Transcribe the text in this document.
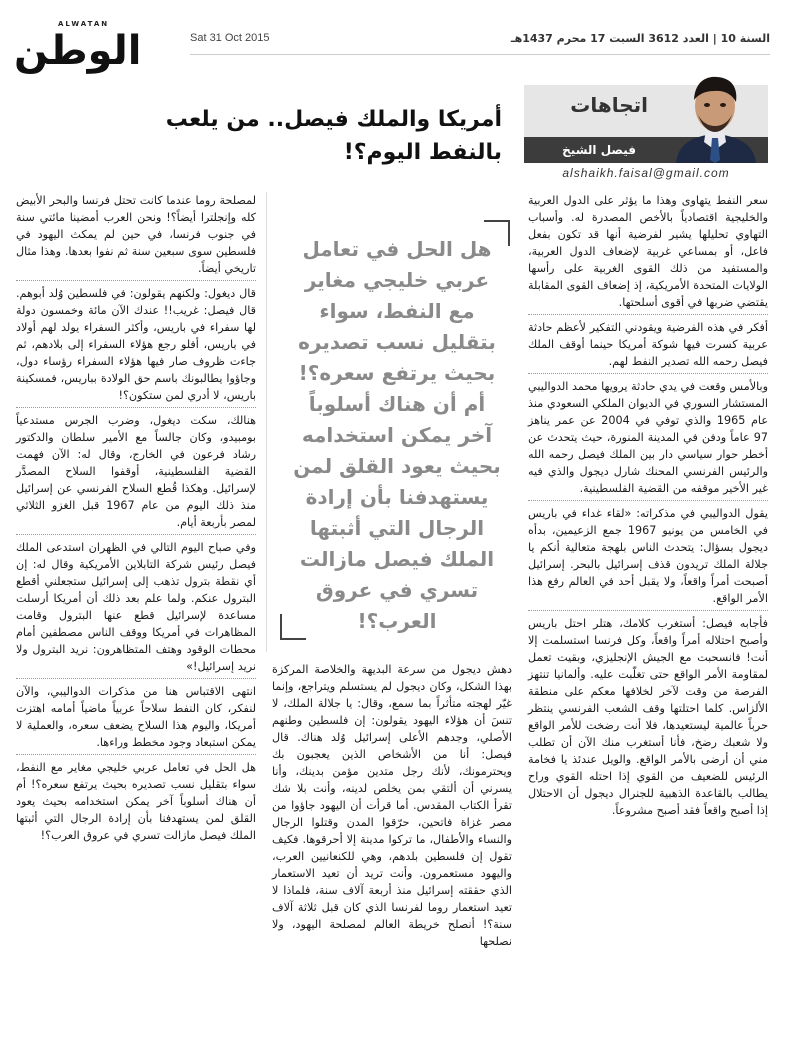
ALWATAN
الوطن	Sat 31 Oct 2015	السنة 10 | العدد 3612 السبت 17 محرم 1437هـ
اتجاهات
فيصل الشيخ
alshaikh.faisal@gmail.com
أمريكا والملك فيصل.. من يلعب بالنفط اليوم؟!

سعر النفط يتهاوى وهذا ما يؤثر على الدول العربية والخليجية اقتصادياً بالأخص المصدرة له. وأسباب التهاوي تحليلها يشير لفرضية أنها قد تكون بفعل فاعل، أو بمساعي غربية لإضعاف الدول العربية، والمستفيد من ذلك القوى الغربية على رأسها الولايات المتحدة الأمريكية، إذ إضعاف القوى المقابلة يقتضي ضربها في أقوى أسلحتها.

أفكر في هذه الفرضية ويقودني التفكير لأعظم حادثة عربية كسرت فيها شوكة أمريكا حينما أوقف الملك فيصل رحمه الله تصدير النفط لهم.

وبالأمس وقعت في يدي حادثة يرويها محمد الدواليبي المستشار السوري في الديوان الملكي السعودي منذ عام 1965 والذي توفي في 2004 عن عمر يناهز 97 عاماً ودفن في المدينة المنورة، حيث يتحدث عن أخطر حوار سياسي دار بين الملك فيصل رحمه الله والرئيس الفرنسي المحنك شارل ديجول والذي فيه غير الأخير موقفه من القضية الفلسطينية.

يقول الدواليبي في مذكراته: «لقاء غداء في باريس في الخامس من يونيو 1967 جمع الزعيمين، بدأه ديجول بسؤال: يتحدث الناس بلهجة متعالية أنكم يا جلالة الملك تريدون قذف إسرائيل بالبحر. إسرائيل أصبحت أمراً واقعاً، ولا يقبل أحد في العالم رفع هذا الأمر الواقع.

فأجابه فيصل: أستغرب كلامك، هتلر احتل باريس وأصبح احتلاله أمراً واقعاً، وكل فرنسا استسلمت إلا أنت! فانسحبت مع الجيش الإنجليزي، وبقيت تعمل لمقاومة الأمر الواقع حتى تغلّبت عليه. وألمانيا تنتهز الفرصة من وقت لآخر لخلافها معكم على منطقة الألزاس. كلما احتلتها وقف الشعب الفرنسي ينتظر حرباً عالمية ليستعيدها، فلا أنت رضخت للأمر الواقع ولا شعبك رضخ، فأنا أستغرب منك الآن أن تطلب مني أن أرضى بالأمر الواقع. والويل عندئذ يا فخامة الرئيس للضعيف من القوي إذا احتله القوي وراح يطالب بالقاعدة الذهبية للجنرال ديجول أن الاحتلال إذا أصبح واقعاً فقد أصبح مشروعاً.

هل الحل في تعامل عربي خليجي مغاير مع النفط، سواء بتقليل نسب تصديره بحيث يرتفع سعره؟! أم أن هناك أسلوباً آخر يمكن استخدامه بحيث يعود القلق لمن يستهدفنا بأن إرادة الرجال التي أثبتها الملك فيصل مازالت تسري في عروق العرب؟!

دهش ديجول من سرعة البديهة والخلاصة المركزة بهذا الشكل، وكان ديجول لم يستسلم ويتراجع، وإنما غيّر لهجته متأثراً بما سمع، وقال: يا جلالة الملك، لا تنسَ أن هؤلاء اليهود يقولون: إن فلسطين وطنهم الأصلي، وجدهم الأعلى إسرائيل وُلد هناك. قال فيصل: أنا من الأشخاص الذين يعجبون بك ويحترمونك، لأنك رجل متدين مؤمن بدينك، وأنا يسرني أن ألتقي بمن يخلص لدينه، وأنت بلا شك تقرأ الكتاب المقدس. أما قرأت أن اليهود جاؤوا من مصر غزاة فاتحين، حرّقوا المدن وقتلوا الرجال والنساء والأطفال، ما تركوا مدينة إلا أحرقوها. فكيف تقول إن فلسطين بلدهم، وهي للكنعانيين العرب، واليهود مستعمرون. وأنت تريد أن تعيد الاستعمار الذي حققته إسرائيل منذ أربعة آلاف سنة، فلماذا لا تعيد استعمار روما لفرنسا الذي كان قبل ثلاثة آلاف سنة؟! أنصلح خريطة العالم لمصلحة اليهود، ولا نصلحها

لمصلحة روما عندما كانت تحتل فرنسا والبحر الأبيض كله وإنجلترا أيضاً؟! ونحن العرب أمضينا مائتي سنة في جنوب فرنسا، في حين لم يمكث اليهود في فلسطين سوى سبعين سنة ثم نفوا بعدها. وهذا مثال تاريخي أيضاً.

قال ديغول: ولكنهم يقولون: في فلسطين وُلد أبوهم. قال فيصل: غريب!! عندك الآن مائة وخمسون دولة لها سفراء في باريس، وأكثر السفراء يولد لهم أولاد في باريس، أفلو رجع هؤلاء السفراء إلى بلادهم، ثم جاءت ظروف صار فيها هؤلاء السفراء رؤساء دول، وجاؤوا يطالبونك باسم حق الولادة بباريس، فمسكينة باريس، لا أدري لمن ستكون؟!

هنالك، سكت ديغول، وضرب الجرس مستدعياً بومبيدو، وكان جالساً مع الأمير سلطان والدكتور رشاد فرعون في الخارج، وقال له: الآن فهمت القضية الفلسطينية، أوقفوا السلاح المصدَّر لإسرائيل. وهكذا قُطع السلاح الفرنسي عن إسرائيل منذ ذلك اليوم من عام 1967 قبل الغزو الثلاثي لمصر بأربعة أيام.

وفي صباح اليوم التالي في الظهران استدعى الملك فيصل رئيس شركة التابلاين الأمريكية وقال له: إن أي نقطة بترول تذهب إلى إسرائيل ستجعلني أقطع البترول عنكم. ولما علم بعد ذلك أن أمريكا أرسلت مساعدة لإسرائيل قطع عنها البترول وقامت المظاهرات في أمريكا ووقف الناس مصطفين أمام محطات الوقود وهتف المتظاهرون: نريد البترول ولا نريد إسرائيل!»

انتهى الاقتباس هنا من مذكرات الدواليبي، والآن لنفكر، كان النفط سلاحاً عربياً ماضياً أمامه اهتزت أمريكا، واليوم هذا السلاح يضعف سعره، والعملية لا يمكن استبعاد وجود مخطط وراءها.

هل الحل في تعامل عربي خليجي مغاير مع النفط، سواء بتقليل نسب تصديره بحيث يرتفع سعره؟! أم أن هناك أسلوباً آخر يمكن استخدامه بحيث يعود القلق لمن يستهدفنا بأن إرادة الرجال التي أثبتها الملك فيصل مازالت تسري في عروق العرب؟!
